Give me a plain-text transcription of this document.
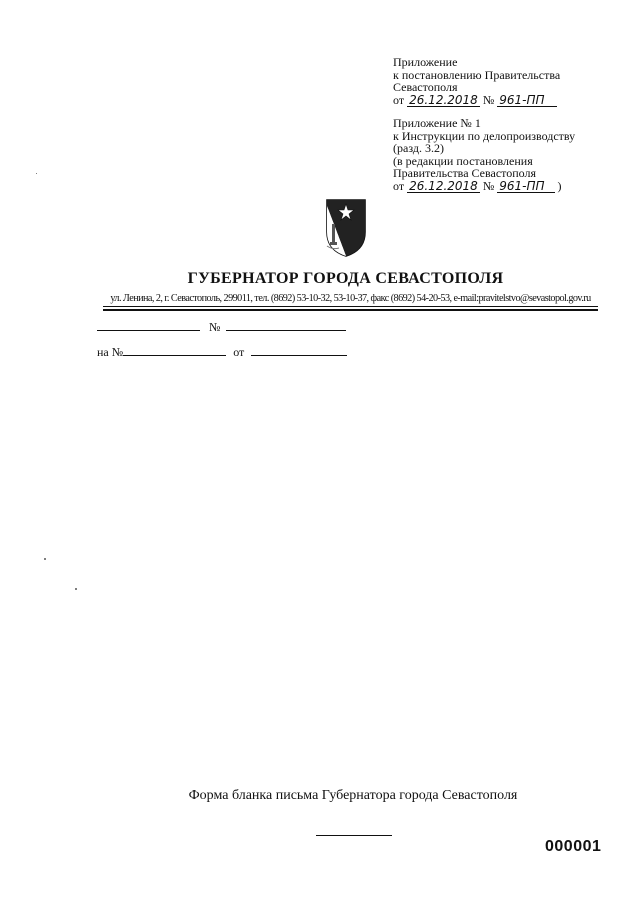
Приложение
к постановлению Правительства
Севастополя
от 26.12.2018 № 961-ПП
Приложение № 1
к Инструкции по делопроизводству
(разд. 3.2)
(в редакции постановления
Правительства Севастополя
от 26.12.2018 № 961-ПП )
ГУБЕРНАТОР ГОРОДА СЕВАСТОПОЛЯ
ул. Ленина, 2, г. Севастополь, 299011, тел. (8692) 53-10-32, 53-10-37, факс (8692) 54-20-53, e-mail:pravitelstvo@sevastopol.gov.ru
№
на №	от
Форма бланка письма Губернатора города Севастополя
000001
